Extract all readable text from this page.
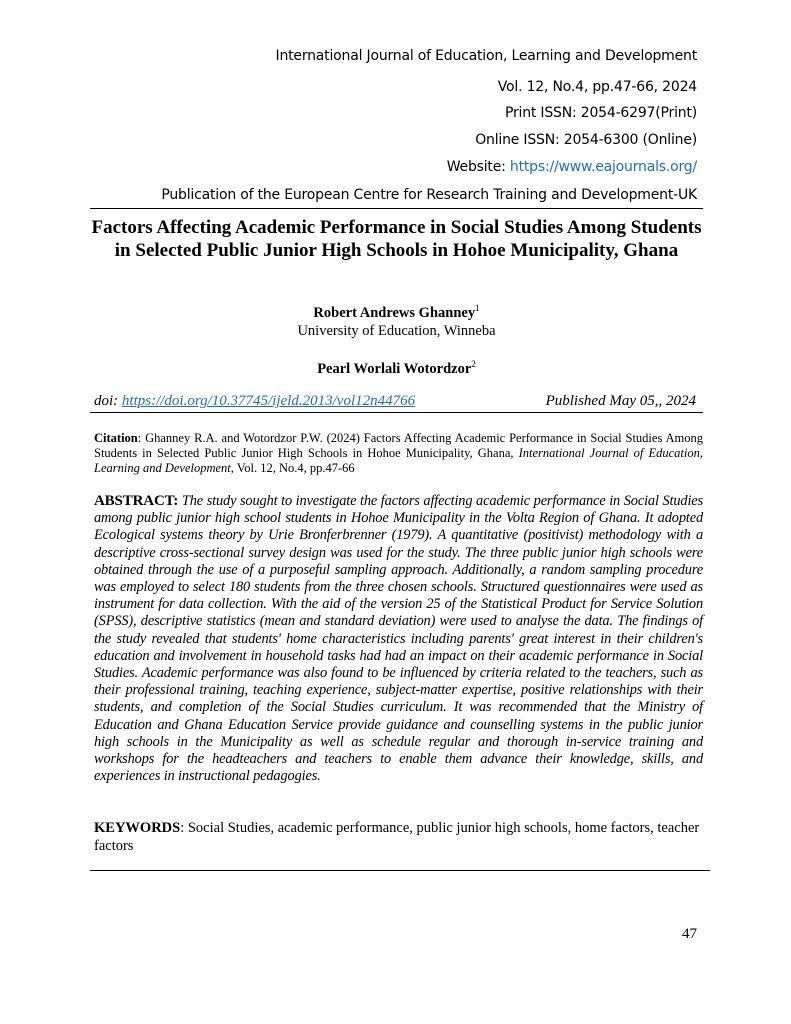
International Journal of Education, Learning and Development
Vol. 12, No.4, pp.47-66, 2024
Print ISSN: 2054-6297(Print)
Online ISSN: 2054-6300 (Online)
Website: https://www.eajournals.org/
Publication of the European Centre for Research Training and Development-UK
Factors Affecting Academic Performance in Social Studies Among Students in Selected Public Junior High Schools in Hohoe Municipality, Ghana
Robert Andrews Ghanney$^1$
University of Education, Winneba
Pearl Worlali Wotordzor$^2$
doi: https://doi.org/10.37745/ijeld.2013/vol12n44766	Published May 05,, 2024
Citation: Ghanney R.A. and Wotordzor P.W. (2024) Factors Affecting Academic Performance in Social Studies Among Students in Selected Public Junior High Schools in Hohoe Municipality, Ghana, International Journal of Education, Learning and Development, Vol. 12, No.4, pp.47-66
ABSTRACT: The study sought to investigate the factors affecting academic performance in Social Studies among public junior high school students in Hohoe Municipality in the Volta Region of Ghana. It adopted Ecological systems theory by Urie Bronferbrenner (1979). A quantitative (positivist) methodology with a descriptive cross-sectional survey design was used for the study. The three public junior high schools were obtained through the use of a purposeful sampling approach. Additionally, a random sampling procedure was employed to select 180 students from the three chosen schools. Structured questionnaires were used as instrument for data collection. With the aid of the version 25 of the Statistical Product for Service Solution (SPSS), descriptive statistics (mean and standard deviation) were used to analyse the data. The findings of the study revealed that students' home characteristics including parents' great interest in their children's education and involvement in household tasks had had an impact on their academic performance in Social Studies. Academic performance was also found to be influenced by criteria related to the teachers, such as their professional training, teaching experience, subject-matter expertise, positive relationships with their students, and completion of the Social Studies curriculum. It was recommended that the Ministry of Education and Ghana Education Service provide guidance and counselling systems in the public junior high schools in the Municipality as well as schedule regular and thorough in-service training and workshops for the headteachers and teachers to enable them advance their knowledge, skills, and experiences in instructional pedagogies.
KEYWORDS: Social Studies, academic performance, public junior high schools, home factors, teacher factors
47
